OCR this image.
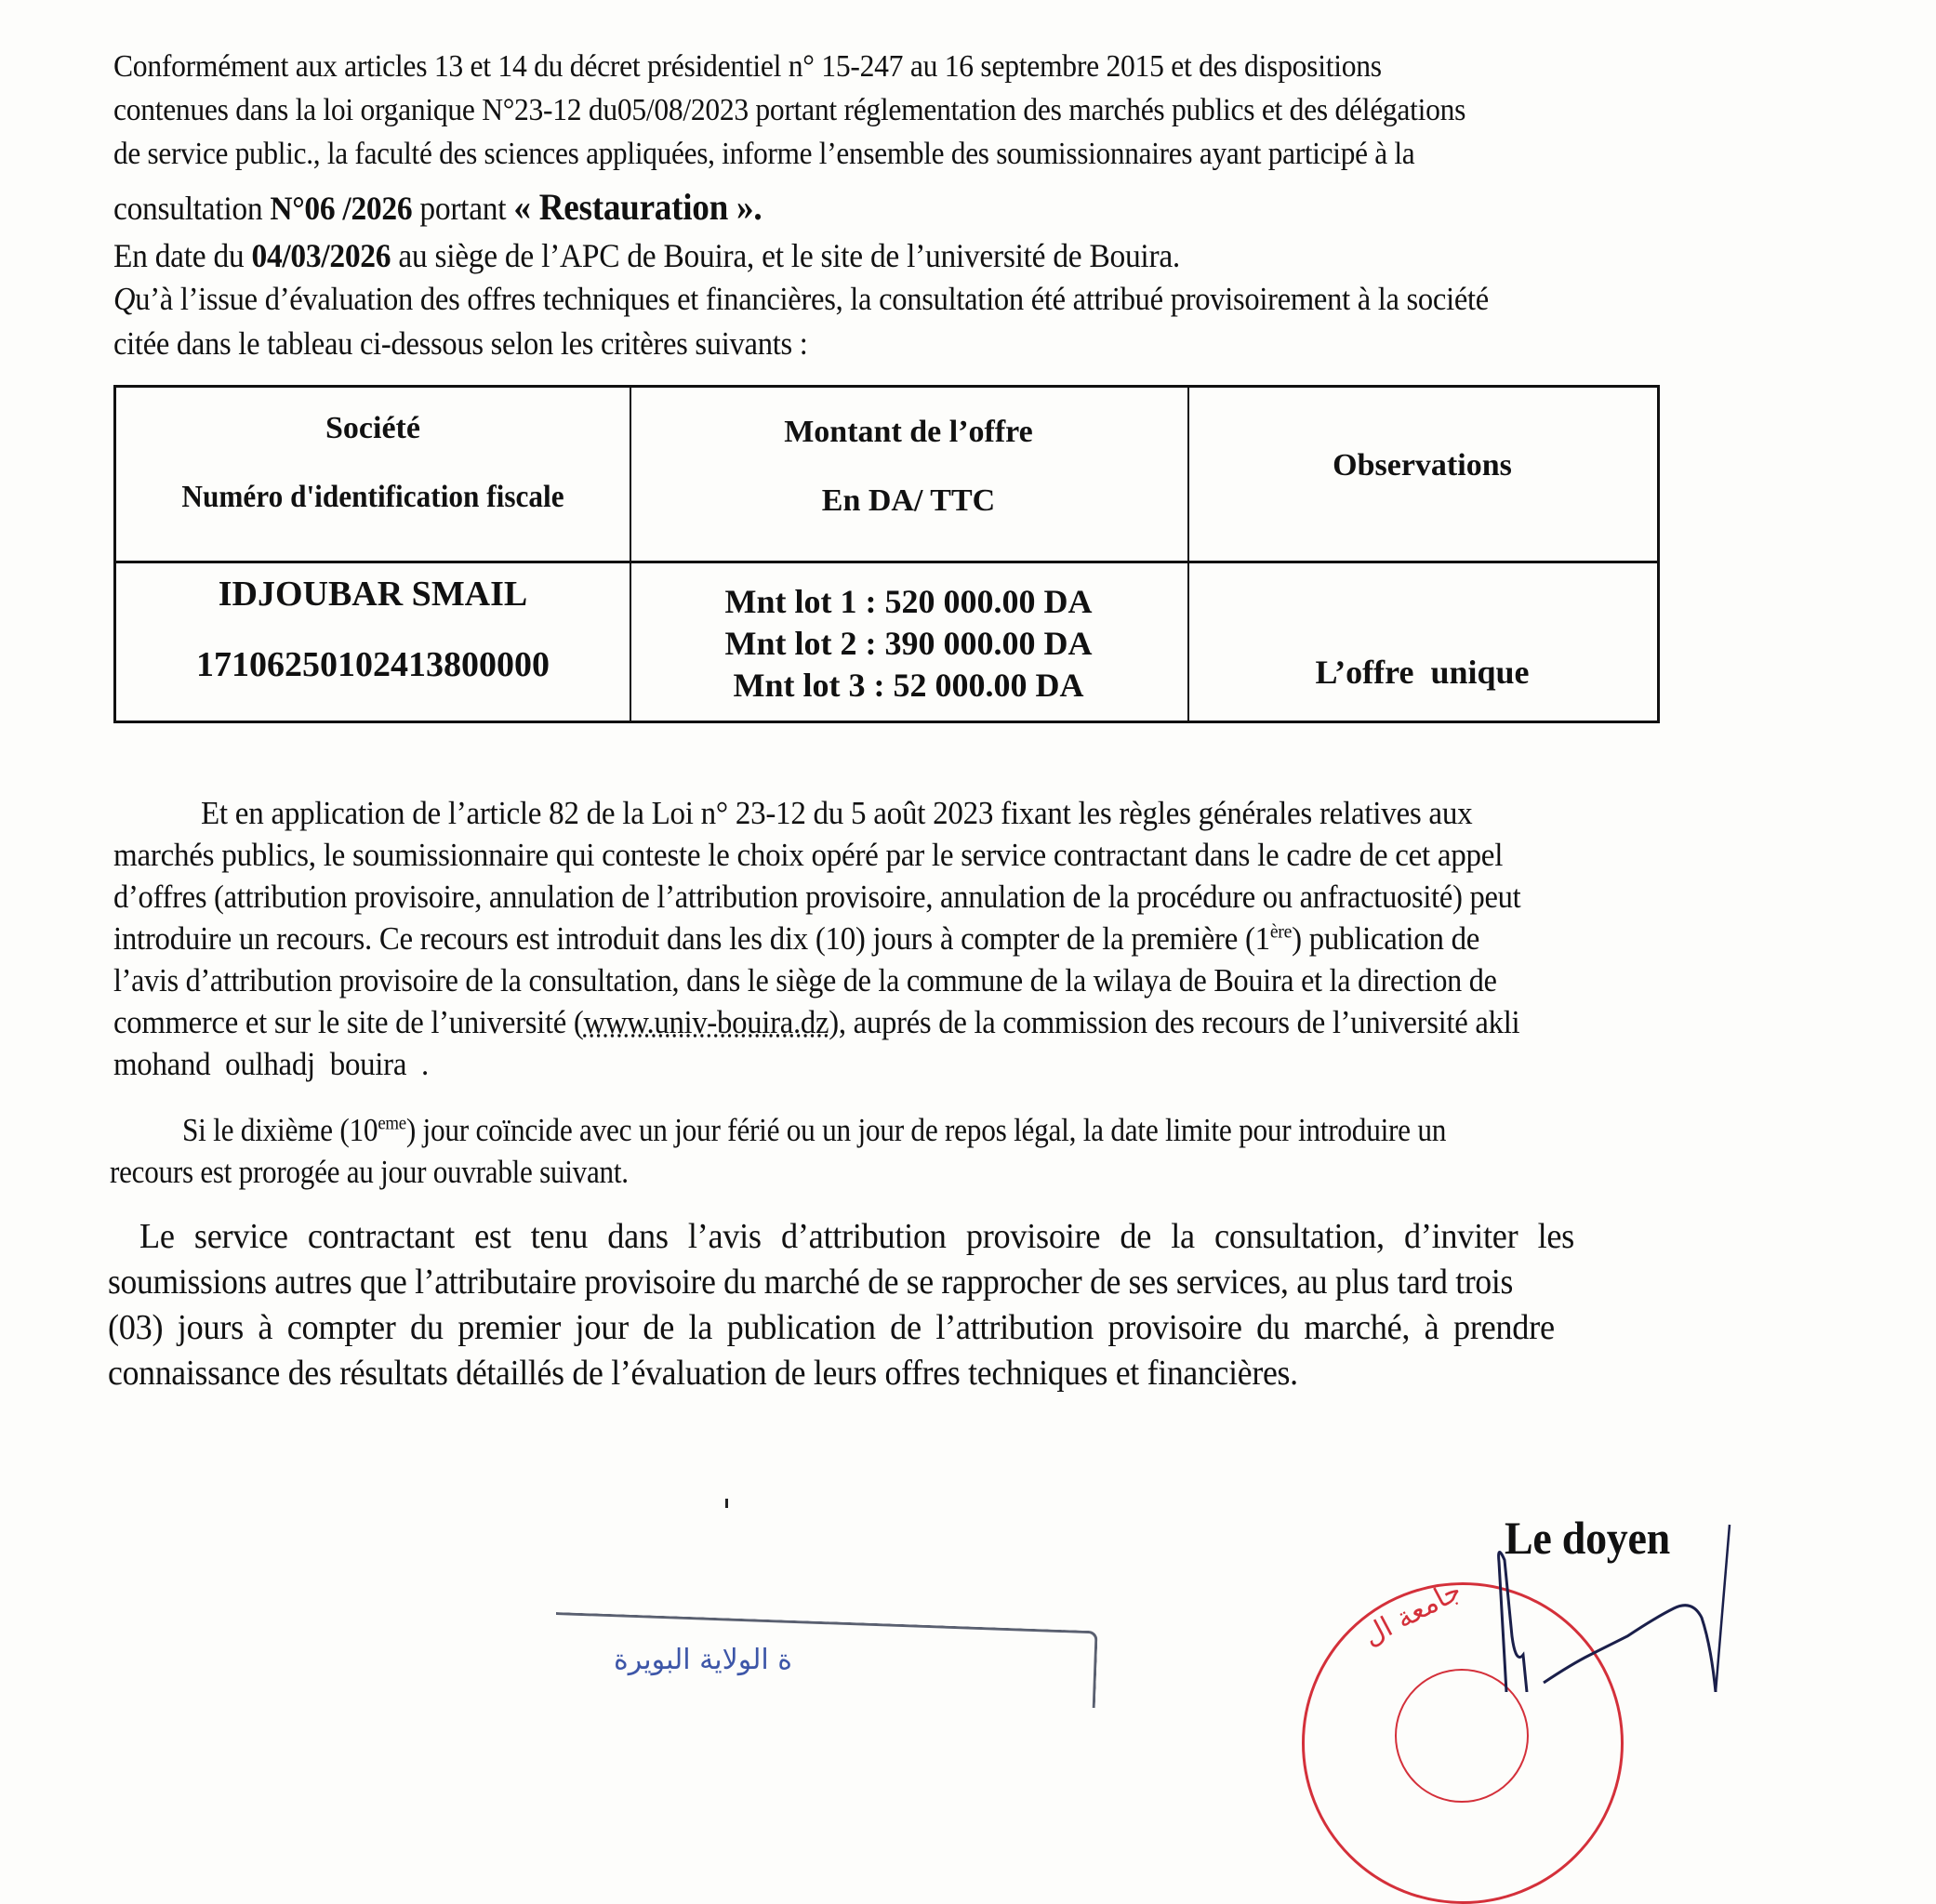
Conformément aux articles 13 et 14 du décret présidentiel n° 15-247 au 16 septembre 2015 et des dispositions
contenues dans la loi organique N°23-12 du05/08/2023 portant réglementation des marchés publics et des délégations
de service public., la faculté des sciences appliquées, informe l’ensemble des soumissionnaires ayant participé à la
consultation N°06 /2026 portant « Restauration ».
En date du 04/03/2026 au siège de l’APC de Bouira, et le site de l’université de Bouira.
Qu’à l’issue d’évaluation des offres techniques et financières, la consultation été attribué provisoirement à la société
citée dans le tableau ci-dessous selon les critères suivants :
Société
Numéro d'identification fiscale
Montant de l’offre
En DA/ TTC
Observations
IDJOUBAR SMAIL
17106250102413800000
Mnt lot 1 : 520 000.00 DA
Mnt lot 2 : 390 000.00 DA
Mnt lot 3 : 52 000.00 DA	L’offre  unique
Et en application de l’article 82 de la Loi n° 23-12 du 5 août 2023 fixant les règles générales relatives aux
marchés publics, le soumissionnaire qui conteste le choix opéré par le service contractant dans le cadre de cet appel
d’offres (attribution provisoire, annulation de l’attribution provisoire, annulation de la procédure ou anfractuosité) peut
introduire un recours. Ce recours est introduit dans les dix (10) jours à compter de la première (1ère) publication de
l’avis d’attribution provisoire de la consultation, dans le siège de la commune de la wilaya de Bouira et la direction de
commerce et sur le site de l’université (www.univ-bouira.dz), auprés de la commission des recours de l’université akli
mohand  oulhadj  bouira  .
Si le dixième (10eme) jour coïncide avec un jour férié ou un jour de repos légal, la date limite pour introduire un
recours est prorogée au jour ouvrable suivant.
Le service contractant est tenu dans l’avis d’attribution provisoire de la consultation, d’inviter les
soumissions autres que l’attributaire provisoire du marché de se rapprocher de ses services, au plus tard trois
(03) jours à compter du premier jour de la publication de l’attribution provisoire du marché, à prendre
connaissance des résultats détaillés de l’évaluation de leurs offres techniques et financières.
Le doyen
ة الولاية البويرة
جامعة ال
